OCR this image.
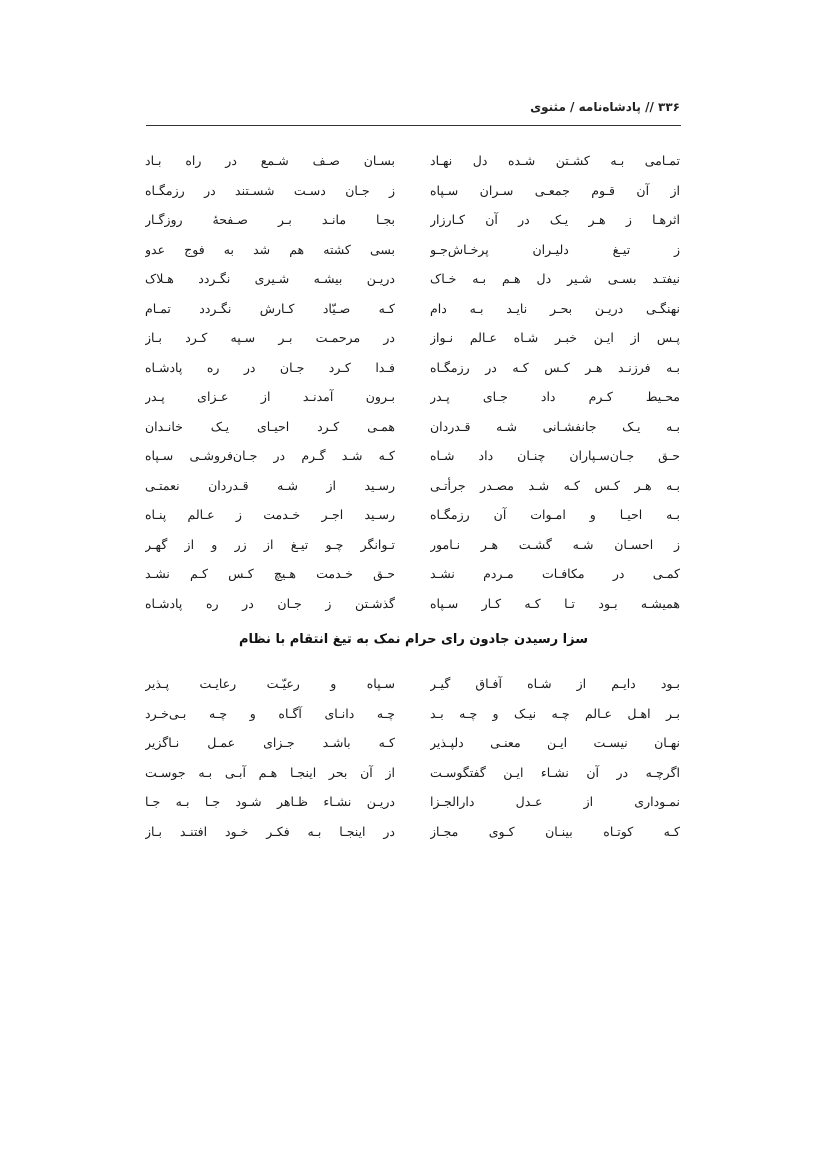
۳۳۶ // پادشاه‌نامه / مثنوی
تمـامی بـه کشـتن شـده دل نهـاد
بسـان صـف شـمع در راه بـاد
از آن قـوم جمعـی سـران سـپاه
ز جـان دسـت شسـتند در رزمگـاه
اثرهـا ز هـر یـک در آن کـارزار
بجـا مانـد بـر صـفحهٔ روزگـار
ز تیـغ دلیـران پرخـاش‌جـو
بسی کشته هم شد به فوج عدو
نیفتـد بسـی شـیر دل هـم بـه خـاک
دریـن بیشـه شـیری نگـردد هـلاک
نهنگـی دریـن بحـر نایـد بـه دام
کـه صـیّاد کـارش نگـردد تمـام
پـس از ایـن خبـر شـاه عـالم نـواز
در مرحمـت بـر سـپه کـرد بـاز
بـه فرزنـد هـر کـس کـه در رزمگـاه
فـدا کـرد جـان در ره پادشـاه
محـیط کـرم داد جـای پـدر
بـرون آمدنـد از عـزای پـدر
بـه یـک جانفشـانی شـه قـدردان
همـی کـرد احیـای یـک خانـدان
حـق جـان‌سـپاران چنـان داد شـاه
کـه شـد گـرم در جـان‌فروشـی سـپاه
بـه هـر کـس کـه شـد مصـدر جرأتـی
رسـید از شـه قـدردان نعمتـی
بـه احیـا و امـوات آن رزمگـاه
رسـید اجـر خـدمت ز عـالم پنـاه
ز احسـان شـه گشـت هـر نـامور
تـوانگر چـو تیـغ از زر و از گهـر
کمـی در مکافـات مـردم نشـد
حـق خـدمت هـیچ کـس کـم نشـد
همیشـه بـود تـا کـه کـار سـپاه
گذشـتن ز جـان در ره پادشـاه
سزا رسیدن جادون رای حرام نمک به تیغ انتقام با نظام
بـود دایـم از شـاه آفـاق گیـر
سـپاه و رعیّـت رعایـت پـذیر
بـر اهـل عـالم چـه نیـک و چـه بـد
چـه دانـای آگـاه و چـه بـی‌خـرد
نهـان نیسـت ایـن معنـی دلپـذیر
کـه باشـد جـزای عمـل نـاگزیر
اگرچـه در آن نشـاء ایـن گفتگوسـت
از آن بحر اینجـا هـم آبـی بـه جوسـت
نمـوداری از عـدل دارالجـزا
دریـن نشـاء ظـاهر شـود جـا بـه جـا
کـه کوتـاه بینـان کـوی مجـاز
در اینجـا بـه فکـر خـود افتنـد بـاز
